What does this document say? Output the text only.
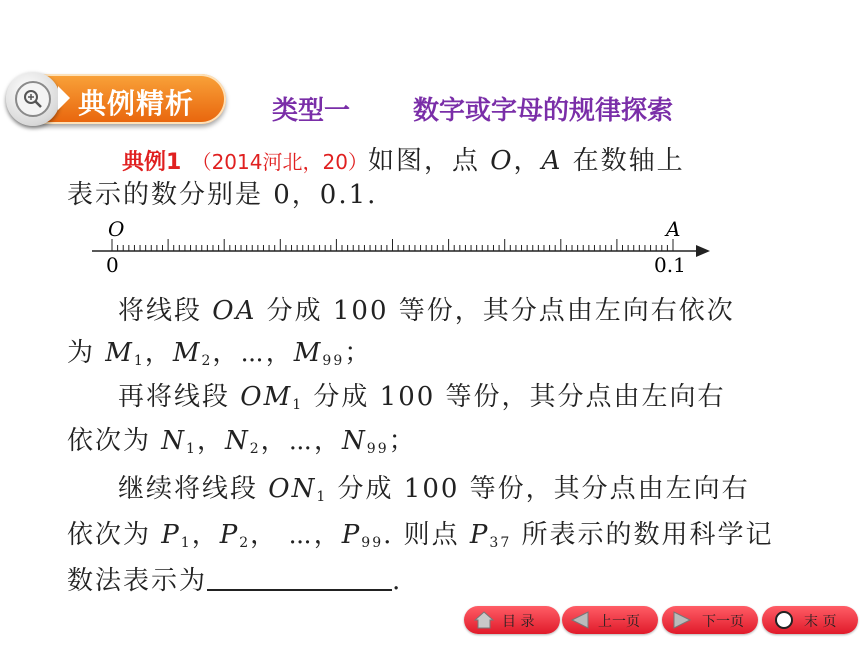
典例精析	类型一 数字或字母的规律探索
典例1 （2014河北，20）如图，点 O，A 在数轴上
表示的数分别是 0，0.1.
O	A
0	0.1
将线段 OA 分成 100 等份，其分点由左向右依次
为 $M_1$，$M_2$，⋯，$M_{99}$；
再将线段 $OM_1$ 分成 100 等份，其分点由左向右
依次为 $N_1$，$N_2$，⋯，$N_{99}$；
继续将线段 $ON_1$ 分成 100 等份，其分点由左向右
依次为 $P_1$，$P_2$， ⋯，$P_{99}$. 则点 $P_{37}$ 所表示的数用科学记
数法表示为	.
目 录	上一页	下一页	末 页
